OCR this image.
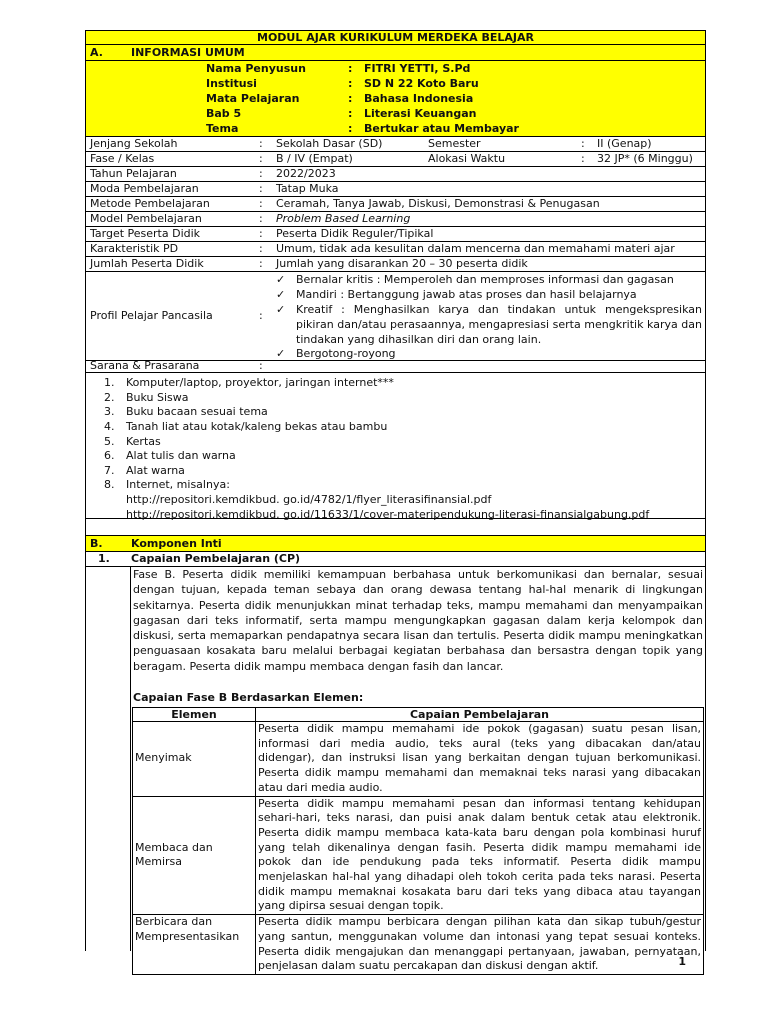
MODUL AJAR KURIKULUM MERDEKA BELAJAR
A.	INFORMASI UMUM
Nama Penyusun	: FITRI YETTI, S.Pd
Institusi	: SD N 22 Koto Baru
Mata Pelajaran	: Bahasa Indonesia
Bab 5	: Literasi Keuangan
Tema	: Bertukar atau Membayar
Jenjang Sekolah	: Sekolah Dasar (SD)	Semester	: II (Genap)
Fase / Kelas	: B / IV (Empat)	Alokasi Waktu	: 32 JP* (6 Minggu)
Tahun Pelajaran	: 2022/2023
Moda Pembelajaran	: Tatap Muka
Metode Pembelajaran	: Ceramah, Tanya Jawab, Diskusi, Demonstrasi & Penugasan
Model Pembelajaran	: Problem Based Learning
Target Peserta Didik	: Peserta Didik Reguler/Tipikal
Karakteristik PD	: Umum, tidak ada kesulitan dalam mencerna dan memahami materi ajar
Jumlah Peserta Didik	: Jumlah yang disarankan 20 – 30 peserta didik
Profil Pelajar Pancasila	:
✓ Bernalar kritis : Memperoleh dan memproses informasi dan gagasan
✓ Mandiri : Bertanggung jawab atas proses dan hasil belajarnya
✓ Kreatif : Menghasilkan karya dan tindakan untuk mengekspresikan pikiran dan/atau perasaannya, mengapresiasi serta mengkritik karya dan tindakan yang dihasilkan diri dan orang lain.
✓ Bergotong-royong
Sarana & Prasarana	:
1. Komputer/laptop, proyektor, jaringan internet***
2. Buku Siswa
3. Buku bacaan sesuai tema
4. Tanah liat atau kotak/kaleng bekas atau bambu
5. Kertas
6. Alat tulis dan warna
7. Alat warna
8. Internet, misalnya:
http://repositori.kemdikbud. go.id/4782/1/flyer_literasifinansial.pdf
http://repositori.kemdikbud. go.id/11633/1/cover-materipendukung-literasi-finansialgabung.pdf
B.	Komponen Inti
1. Capaian Pembelajaran (CP)
Fase B. Peserta didik memiliki kemampuan berbahasa untuk berkomunikasi dan bernalar, sesuai dengan tujuan, kepada teman sebaya dan orang dewasa tentang hal-hal menarik di lingkungan sekitarnya. Peserta didik menunjukkan minat terhadap teks, mampu memahami dan menyampaikan gagasan dari teks informatif, serta mampu mengungkapkan gagasan dalam kerja kelompok dan diskusi, serta memaparkan pendapatnya secara lisan dan tertulis. Peserta didik mampu meningkatkan penguasaan kosakata baru melalui berbagai kegiatan berbahasa dan bersastra dengan topik yang beragam. Peserta didik mampu membaca dengan fasih dan lancar.
Capaian Fase B Berdasarkan Elemen:
Elemen	Capaian Pembelajaran
Menyimak	Peserta didik mampu memahami ide pokok (gagasan) suatu pesan lisan, informasi dari media audio, teks aural (teks yang dibacakan dan/atau didengar), dan instruksi lisan yang berkaitan dengan tujuan berkomunikasi. Peserta didik mampu memahami dan memaknai teks narasi yang dibacakan atau dari media audio.
Membaca dan Memirsa	Peserta didik mampu memahami pesan dan informasi tentang kehidupan sehari-hari, teks narasi, dan puisi anak dalam bentuk cetak atau elektronik. Peserta didik mampu membaca kata-kata baru dengan pola kombinasi huruf yang telah dikenalinya dengan fasih. Peserta didik mampu memahami ide pokok dan ide pendukung pada teks informatif. Peserta didik mampu menjelaskan hal-hal yang dihadapi oleh tokoh cerita pada teks narasi. Peserta didik mampu memaknai kosakata baru dari teks yang dibaca atau tayangan yang dipirsa sesuai dengan topik.
Berbicara dan Mempresentasikan	Peserta didik mampu berbicara dengan pilihan kata dan sikap tubuh/gestur yang santun, menggunakan volume dan intonasi yang tepat sesuai konteks. Peserta didik mengajukan dan menanggapi pertanyaan, jawaban, pernyataan, penjelasan dalam suatu percakapan dan diskusi dengan aktif.	1
